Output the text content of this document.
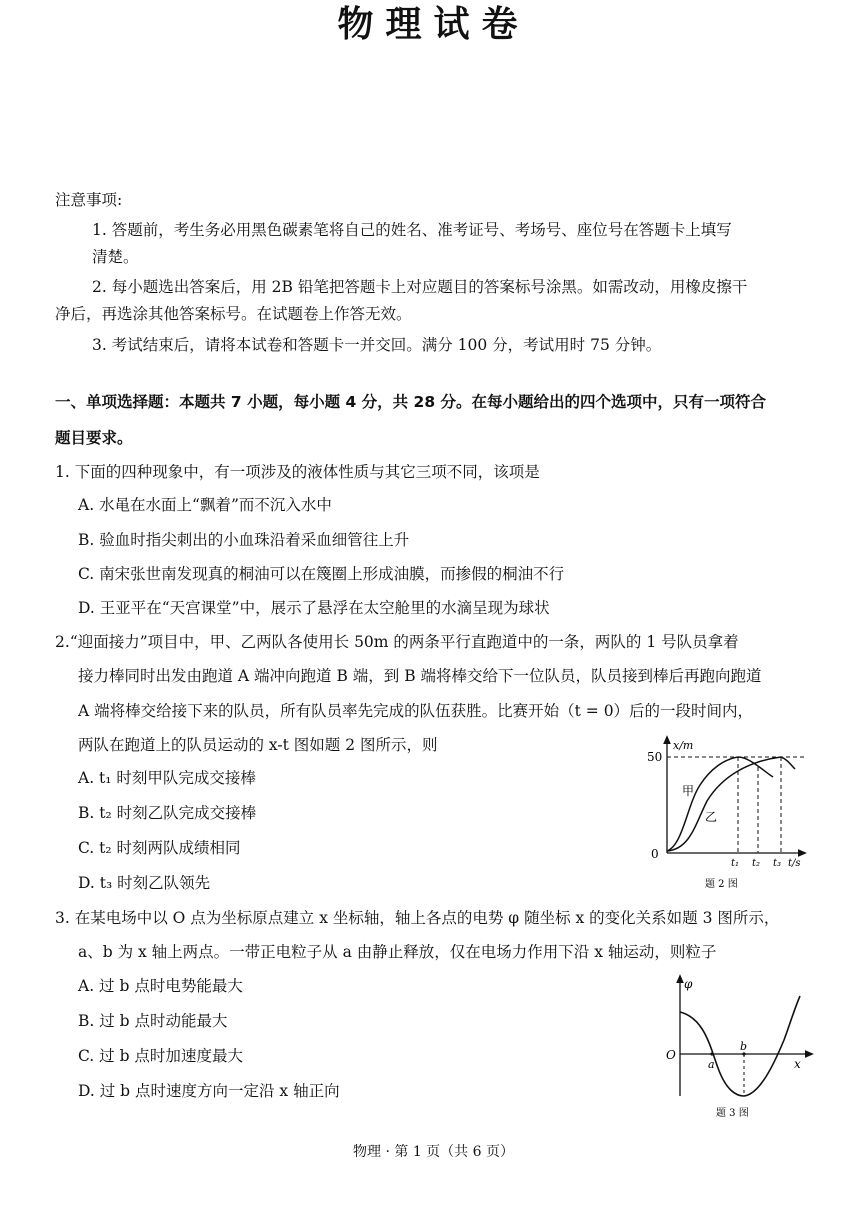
物理试卷
注意事项:
1. 答题前，考生务必用黑色碳素笔将自己的姓名、准考证号、考场号、座位号在答题卡上填写
清楚。
2. 每小题选出答案后，用 2B 铅笔把答题卡上对应题目的答案标号涂黑。如需改动，用橡皮擦干
净后，再选涂其他答案标号。在试题卷上作答无效。
3. 考试结束后，请将本试卷和答题卡一并交回。满分 100 分，考试用时 75 分钟。
一、单项选择题：本题共 7 小题，每小题 4 分，共 28 分。在每小题给出的四个选项中，只有一项符合
题目要求。
1. 下面的四种现象中，有一项涉及的液体性质与其它三项不同，该项是
A. 水黾在水面上“飘着”而不沉入水中
B. 验血时指尖刺出的小血珠沿着采血细管往上升
C. 南宋张世南发现真的桐油可以在篾圈上形成油膜，而掺假的桐油不行
D. 王亚平在“天宫课堂”中，展示了悬浮在太空舱里的水滴呈现为球状
2.“迎面接力”项目中，甲、乙两队各使用长 50m 的两条平行直跑道中的一条，两队的 1 号队员拿着
接力棒同时出发由跑道 A 端冲向跑道 B 端，到 B 端将棒交给下一位队员，队员接到棒后再跑向跑道
A 端将棒交给接下来的队员，所有队员率先完成的队伍获胜。比赛开始（t = 0）后的一段时间内，
两队在跑道上的队员运动的 x-t 图如题 2 图所示，则
A. t₁ 时刻甲队完成交接棒
B. t₂ 时刻乙队完成交接棒
C. t₂ 时刻两队成绩相同
D. t₃ 时刻乙队领先
x/m
50
0
甲
乙
t₁ t₂ t₃ t/s
题 2 图
3. 在某电场中以 O 点为坐标原点建立 x 坐标轴，轴上各点的电势 φ 随坐标 x 的变化关系如题 3 图所示，
a、b 为 x 轴上两点。一带正电粒子从 a 由静止释放，仅在电场力作用下沿 x 轴运动，则粒子
A. 过 b 点时电势能最大
B. 过 b 点时动能最大
C. 过 b 点时加速度最大
D. 过 b 点时速度方向一定沿 x 轴正向
φ
O
x
a
b
题 3 图
物理 · 第 1 页（共 6 页）
